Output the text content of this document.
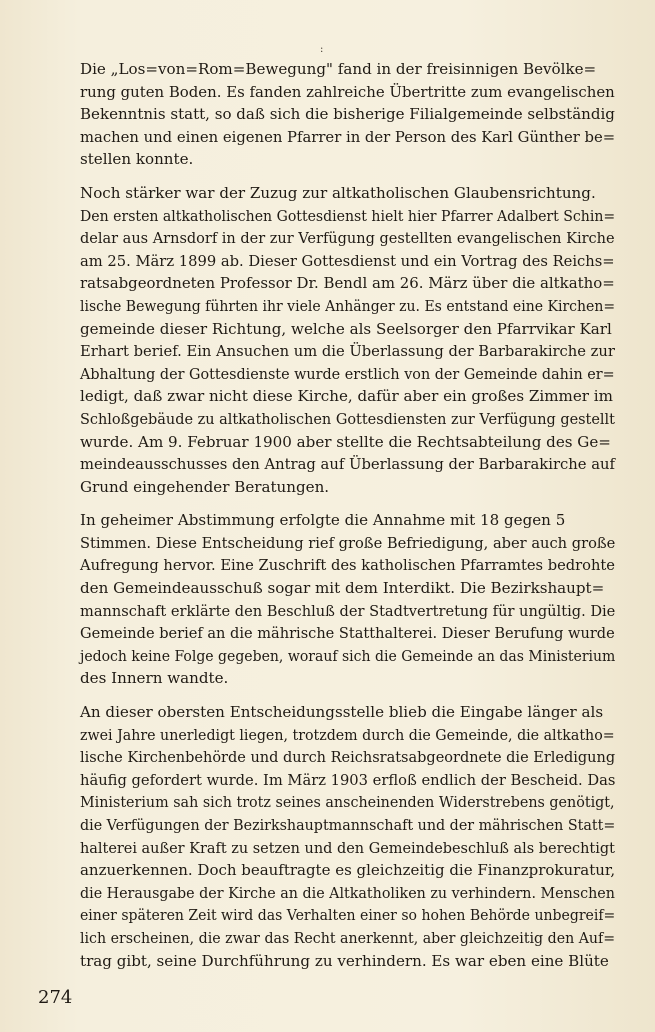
:

Die „Los=von=Rom=Bewegung" fand in der freisinnigen Bevölke=
rung guten Boden. Es fanden zahlreiche Übertritte zum evangelischen
Bekenntnis statt, so daß sich die bisherige Filialgemeinde selbständig
machen und einen eigenen Pfarrer in der Person des Karl Günther be=
stellen konnte.

Noch stärker war der Zuzug zur altkatholischen Glaubensrichtung.
Den ersten altkatholischen Gottesdienst hielt hier Pfarrer Adalbert Schin=
delar aus Arnsdorf in der zur Verfügung gestellten evangelischen Kirche
am 25. März 1899 ab. Dieser Gottesdienst und ein Vortrag des Reichs=
ratsabgeordneten Professor Dr. Bendl am 26. März über die altkatho=
lische Bewegung führten ihr viele Anhänger zu. Es entstand eine Kirchen=
gemeinde dieser Richtung, welche als Seelsorger den Pfarrvikar Karl
Erhart berief. Ein Ansuchen um die Überlassung der Barbarakirche zur
Abhaltung der Gottesdienste wurde erstlich von der Gemeinde dahin er=
ledigt, daß zwar nicht diese Kirche, dafür aber ein großes Zimmer im
Schloßgebäude zu altkatholischen Gottesdiensten zur Verfügung gestellt
wurde. Am 9. Februar 1900 aber stellte die Rechtsabteilung des Ge=
meindeausschusses den Antrag auf Überlassung der Barbarakirche auf
Grund eingehender Beratungen.

In geheimer Abstimmung erfolgte die Annahme mit 18 gegen 5
Stimmen. Diese Entscheidung rief große Befriedigung, aber auch große
Aufregung hervor. Eine Zuschrift des katholischen Pfarramtes bedrohte
den Gemeindeausschuß sogar mit dem Interdikt. Die Bezirkshaupt=
mannschaft erklärte den Beschluß der Stadtvertretung für ungültig. Die
Gemeinde berief an die mährische Statthalterei. Dieser Berufung wurde
jedoch keine Folge gegeben, worauf sich die Gemeinde an das Ministerium
des Innern wandte.

An dieser obersten Entscheidungsstelle blieb die Eingabe länger als
zwei Jahre unerledigt liegen, trotzdem durch die Gemeinde, die altkatho=
lische Kirchenbehörde und durch Reichsratsabgeordnete die Erledigung
häufig gefordert wurde. Im März 1903 erfloß endlich der Bescheid. Das
Ministerium sah sich trotz seines anscheinenden Widerstrebens genötigt,
die Verfügungen der Bezirkshauptmannschaft und der mährischen Statt=
halterei außer Kraft zu setzen und den Gemeindebeschluß als berechtigt
anzuerkennen. Doch beauftragte es gleichzeitig die Finanzprokuratur,
die Herausgabe der Kirche an die Altkatholiken zu verhindern. Menschen
einer späteren Zeit wird das Verhalten einer so hohen Behörde unbegreif=
lich erscheinen, die zwar das Recht anerkennt, aber gleichzeitig den Auf=
trag gibt, seine Durchführung zu verhindern. Es war eben eine Blüte

274
